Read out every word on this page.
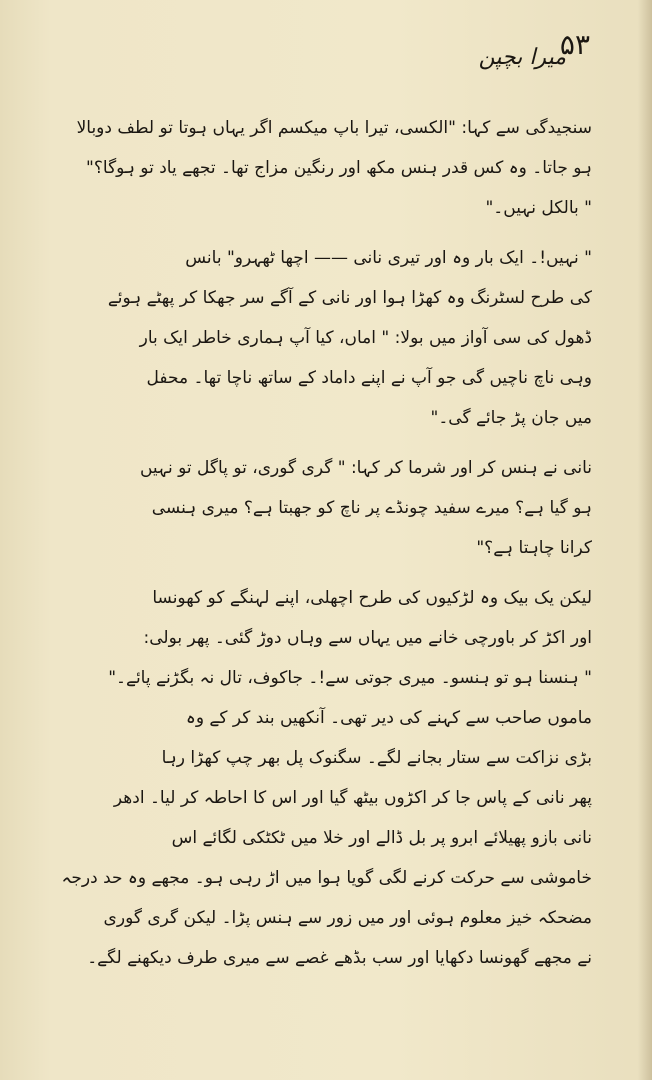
۵۳
میرا بچپن
سنجیدگی سے کہا: "الکسی، تیرا باپ میکسم اگر یہاں ہوتا تو لطف دوبالا
ہو جاتا۔ وہ کس قدر ہنس مکھ اور رنگین مزاج تھا۔ تجھے یاد تو ہوگا؟"
" بالکل نہیں۔"
" نہیں!۔ ایک بار وہ اور تیری نانی —— اچھا ٹھہرو" بانس
کی طرح لسٹرنگ وہ کھڑا ہوا اور نانی کے آگے سر جھکا کر پھٹے ہوئے
ڈھول کی سی آواز میں بولا: " اماں، کیا آپ ہماری خاطر ایک بار
وہی ناچ ناچیں گی جو آپ نے اپنے داماد کے ساتھ ناچا تھا۔ محفل
میں جان پڑ جائے گی۔"
نانی نے ہنس کر اور شرما کر کہا: " گری گوری، تو پاگل تو نہیں
ہو گیا ہے؟ میرے سفید چونڈے پر ناچ کو جھبتا ہے؟ میری ہنسی
کرانا چاہتا ہے؟"
لیکن یک بیک وہ لڑکیوں کی طرح اچھلی، اپنے لہنگے کو کھونسا
اور اکڑ کر باورچی خانے میں یہاں سے وہاں دوڑ گئی۔ پھر بولی:
" ہنسنا ہو تو ہنسو۔ میری جوتی سے!۔ جاکوف، تال نہ بگڑنے پائے۔"
ماموں صاحب سے کہنے کی دیر تھی۔ آنکھیں بند کر کے وہ
بڑی نزاکت سے ستار بجانے لگے۔ سگنوک پل بھر چپ کھڑا رہا
پھر نانی کے پاس جا کر اکڑوں بیٹھ گیا اور اس کا احاطہ کر لیا۔ ادھر
نانی بازو پھیلائے ابرو پر بل ڈالے اور خلا میں ٹکٹکی لگائے اس
خاموشی سے حرکت کرنے لگی گویا ہوا میں اڑ رہی ہو۔ مجھے وہ حد درجہ
مضحکہ خیز معلوم ہوئی اور میں زور سے ہنس پڑا۔ لیکن گری گوری
نے مجھے گھونسا دکھایا اور سب بڈھے غصے سے میری طرف دیکھنے لگے۔
